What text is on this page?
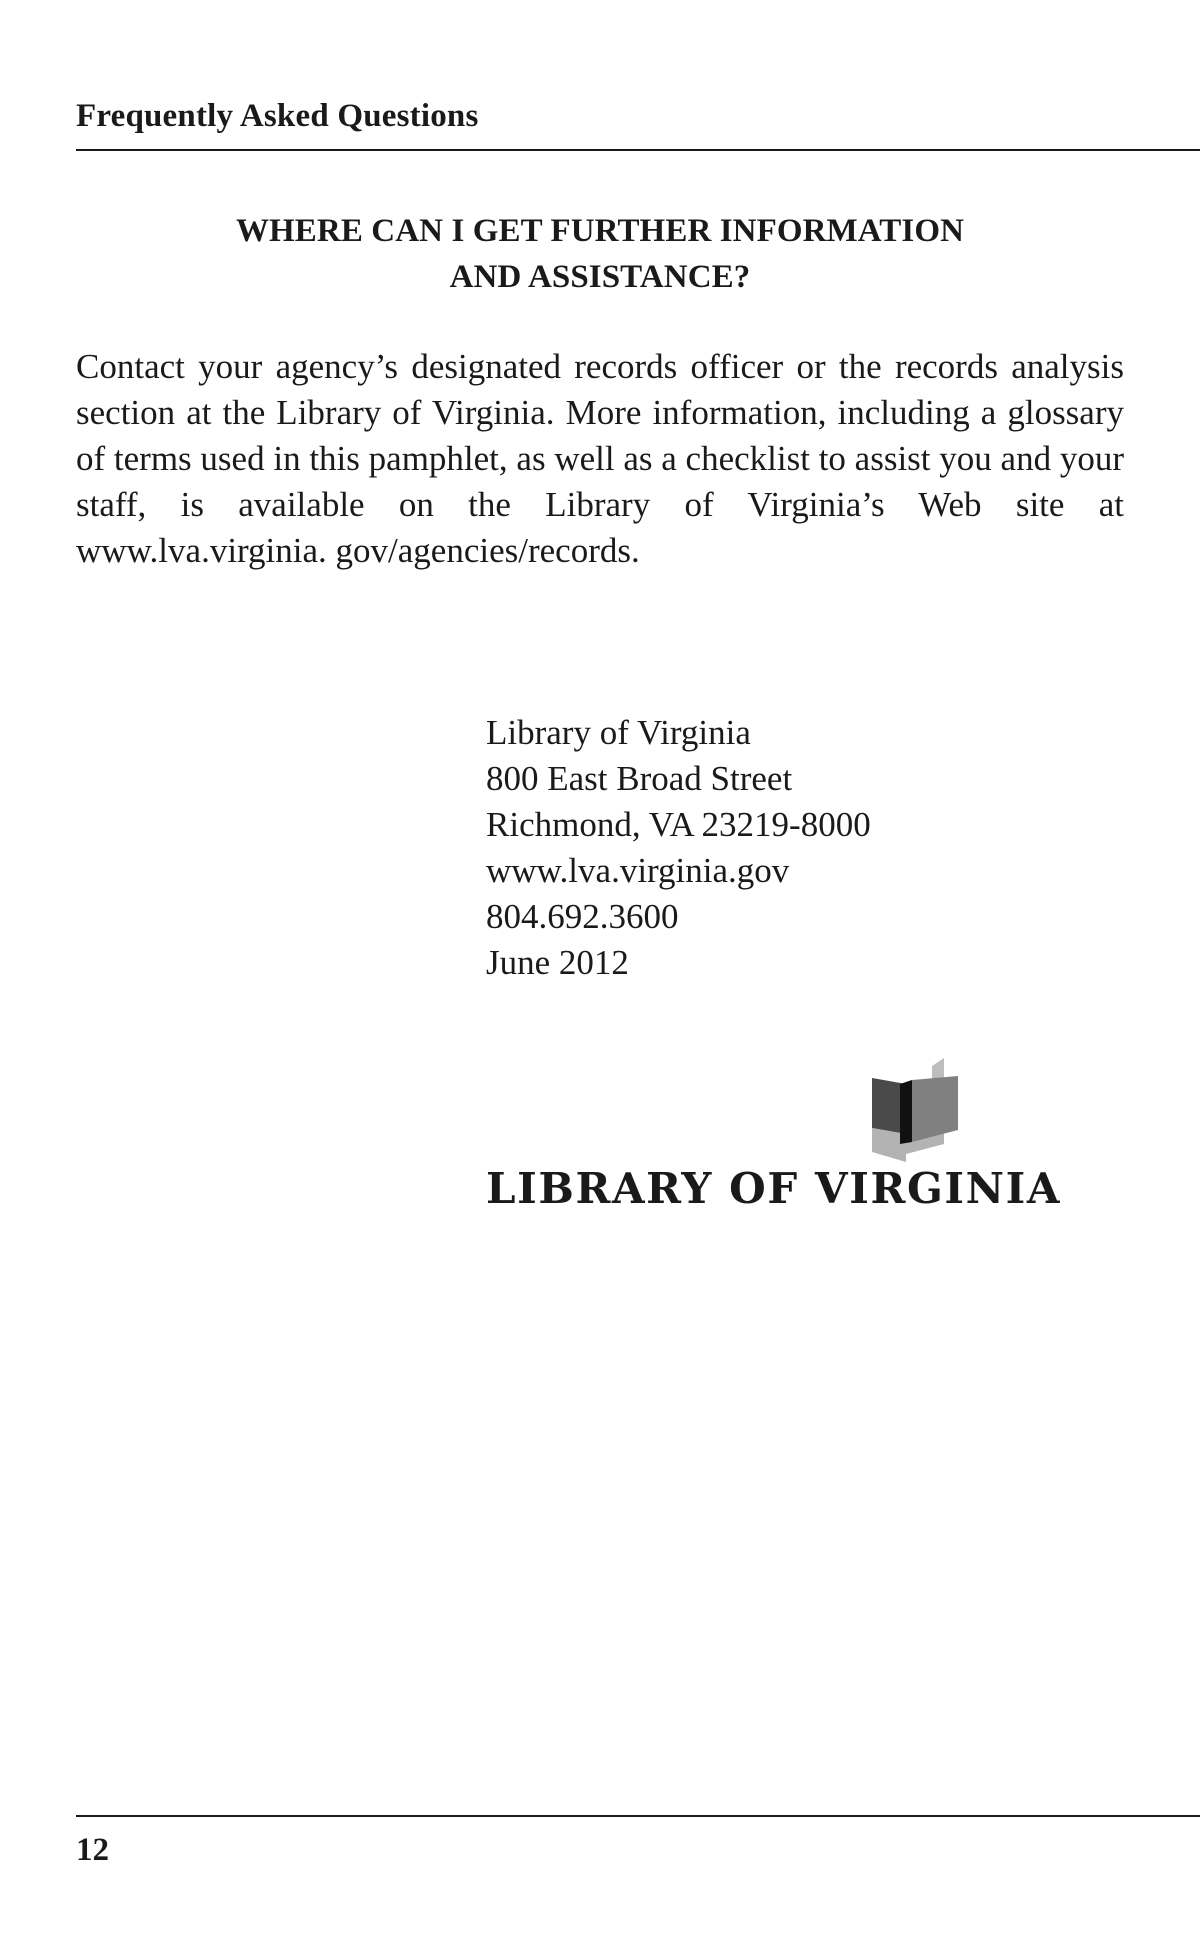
Frequently Asked Questions
WHERE CAN I GET FURTHER INFORMATION
AND ASSISTANCE?

Contact your agency’s designated records officer or the records analysis section at the Library of Virginia. More information, including a glossary of terms used in this pamphlet, as well as a checklist to assist you and your staff, is available on the Library of Virginia’s Web site at www.lva.virginia. gov/agencies/records.

Library of Virginia
800 East Broad Street
Richmond, VA 23219-8000
www.lva.virginia.gov
804.692.3600
June 2012
LIBRARY OF VIRGINIA
12
